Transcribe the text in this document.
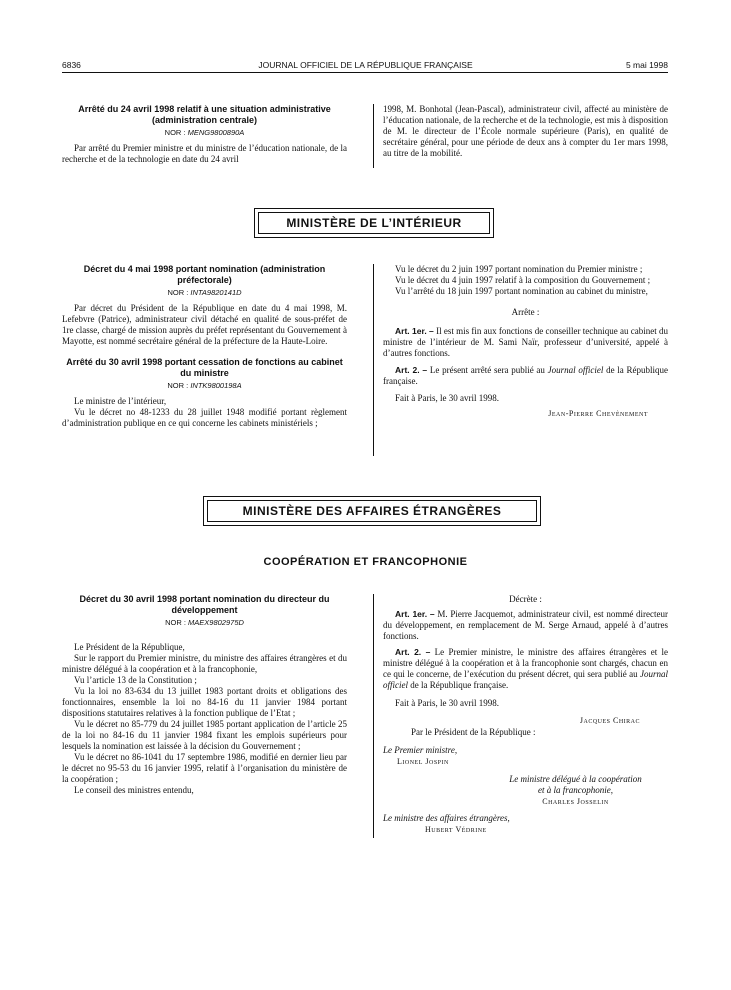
6836	JOURNAL OFFICIEL DE LA RÉPUBLIQUE FRANÇAISE	5 mai 1998
Arrêté du 24 avril 1998 relatif à une situation administrative (administration centrale)
NOR : MENG9800890A

Par arrêté du Premier ministre et du ministre de l’éducation nationale, de la recherche et de la technologie en date du 24 avril

1998, M. Bonhotal (Jean-Pascal), administrateur civil, affecté au ministère de l’éducation nationale, de la recherche et de la technologie, est mis à disposition de M. le directeur de l’École normale supérieure (Paris), en qualité de secrétaire général, pour une période de deux ans à compter du 1er mars 1998, au titre de la mobilité.

MINISTÈRE DE L’INTÉRIEUR
Décret du 4 mai 1998 portant nomination (administration préfectorale)
NOR : INTA9820141D

Par décret du Président de la République en date du 4 mai 1998, M. Lefebvre (Patrice), administrateur civil détaché en qualité de sous-préfet de 1re classe, chargé de mission auprès du préfet représentant du Gouvernement à Mayotte, est nommé secrétaire général de la préfecture de la Haute-Loire.

Arrêté du 30 avril 1998 portant cessation de fonctions au cabinet du ministre
NOR : INTK9800198A

Le ministre de l’intérieur,

Vu le décret no 48-1233 du 28 juillet 1948 modifié portant règlement d’administration publique en ce qui concerne les cabinets ministériels ;

Vu le décret du 2 juin 1997 portant nomination du Premier ministre ;

Vu le décret du 4 juin 1997 relatif à la composition du Gouvernement ;

Vu l’arrêté du 18 juin 1997 portant nomination au cabinet du ministre,

Arrête :

Art. 1er. – Il est mis fin aux fonctions de conseiller technique au cabinet du ministre de l’intérieur de M. Sami Naïr, professeur d’université, appelé à d’autres fonctions.

Art. 2. – Le présent arrêté sera publié au Journal officiel de la République française.

Fait à Paris, le 30 avril 1998.

Jean-Pierre Chevènement
MINISTÈRE DES AFFAIRES ÉTRANGÈRES
COOPÉRATION ET FRANCOPHONIE
Décret du 30 avril 1998 portant nomination du directeur du développement
NOR : MAEX9802975D

Le Président de la République,

Sur le rapport du Premier ministre, du ministre des affaires étrangères et du ministre délégué à la coopération et à la francophonie,

Vu l’article 13 de la Constitution ;

Vu la loi no 83-634 du 13 juillet 1983 portant droits et obligations des fonctionnaires, ensemble la loi no 84-16 du 11 janvier 1984 portant dispositions statutaires relatives à la fonction publique de l’Etat ;

Vu le décret no 85-779 du 24 juillet 1985 portant application de l’article 25 de la loi no 84-16 du 11 janvier 1984 fixant les emplois supérieurs pour lesquels la nomination est laissée à la décision du Gouvernement ;

Vu le décret no 86-1041 du 17 septembre 1986, modifié en dernier lieu par le décret no 95-53 du 16 janvier 1995, relatif à l’organisation du ministère de la coopération ;

Le conseil des ministres entendu,

Décrète :

Art. 1er. – M. Pierre Jacquemot, administrateur civil, est nommé directeur du développement, en remplacement de M. Serge Arnaud, appelé à d’autres fonctions.

Art. 2. – Le Premier ministre, le ministre des affaires étrangères et le ministre délégué à la coopération et à la francophonie sont chargés, chacun en ce qui le concerne, de l’exécution du présent décret, qui sera publié au Journal officiel de la République française.

Fait à Paris, le 30 avril 1998.

Jacques Chirac
Par le Président de la République :
Le Premier ministre,
Lionel Jospin
Le ministre délégué à la coopération
et à la francophonie,
Charles Josselin
Le ministre des affaires étrangères,
Hubert Védrine
